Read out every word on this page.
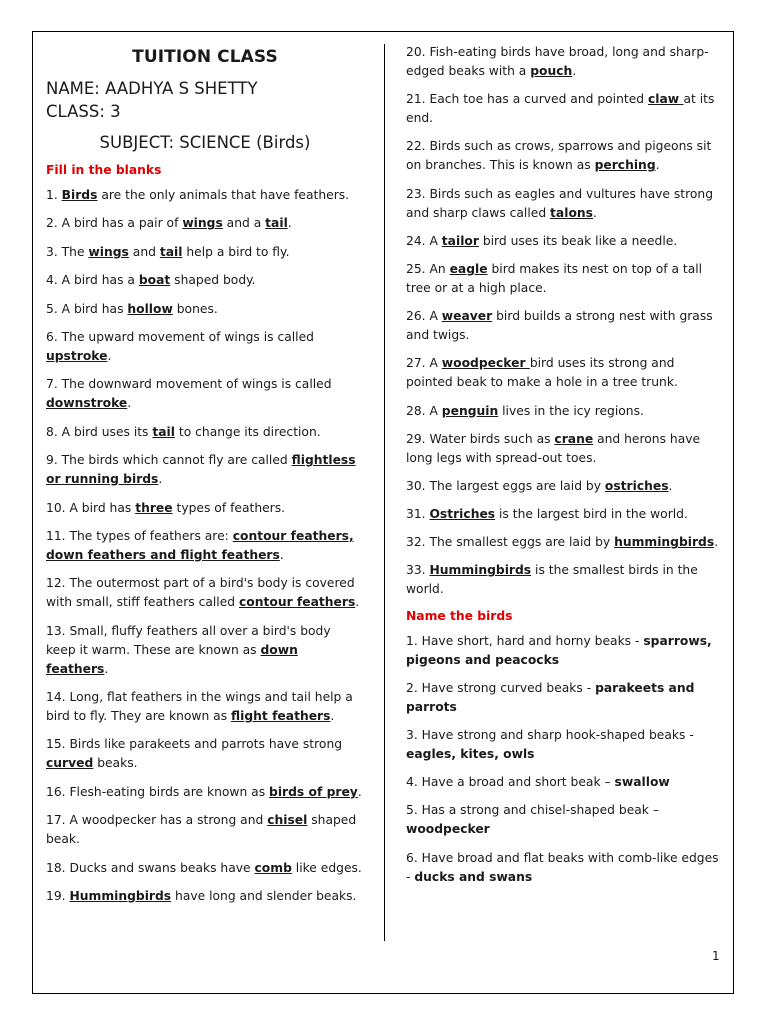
TUITION CLASS

NAME: AADHYA S SHETTY

CLASS: 3

SUBJECT: SCIENCE (Birds)
Fill in the blanks

1. Birds are the only animals that have feathers.

2. A bird has a pair of wings and a tail.

3. The wings and tail help a bird to fly.

4. A bird has a boat shaped body.

5. A bird has hollow bones.

6. The upward movement of wings is called upstroke.

7. The downward movement of wings is called downstroke.

8. A bird uses its tail to change its direction.

9. The birds which cannot fly are called flightless or running birds.

10. A bird has three types of feathers.

11. The types of feathers are: contour feathers, down feathers and flight feathers.

12. The outermost part of a bird's body is covered with small, stiff feathers called contour feathers.

13. Small, fluffy feathers all over a bird's body keep it warm. These are known as down feathers.

14. Long, flat feathers in the wings and tail help a bird to fly. They are known as flight feathers.

15. Birds like parakeets and parrots have strong curved beaks.

16. Flesh-eating birds are known as birds of prey.

17. A woodpecker has a strong and chisel shaped beak.

18. Ducks and swans beaks have comb like edges.

19. Hummingbirds have long and slender beaks.

20. Fish-eating birds have broad, long and sharp-edged beaks with a pouch.

21. Each toe has a curved and pointed claw at its end.

22. Birds such as crows, sparrows and pigeons sit on branches. This is known as perching.

23. Birds such as eagles and vultures have strong and sharp claws called talons.

24. A tailor bird uses its beak like a needle.

25. An eagle bird makes its nest on top of a tall tree or at a high place.

26. A weaver bird builds a strong nest with grass and twigs.

27. A woodpecker bird uses its strong and pointed beak to make a hole in a tree trunk.

28. A penguin lives in the icy regions.

29. Water birds such as crane and herons have long legs with spread-out toes.

30. The largest eggs are laid by ostriches.

31. Ostriches is the largest bird in the world.

32. The smallest eggs are laid by hummingbirds.

33. Hummingbirds is the smallest birds in the world.

Name the birds

1. Have short, hard and horny beaks - sparrows, pigeons and peacocks

2. Have strong curved beaks - parakeets and parrots

3. Have strong and sharp hook-shaped beaks - eagles, kites, owls

4. Have a broad and short beak – swallow

5. Has a strong and chisel-shaped beak – woodpecker

6. Have broad and flat beaks with comb-like edges - ducks and swans

1
